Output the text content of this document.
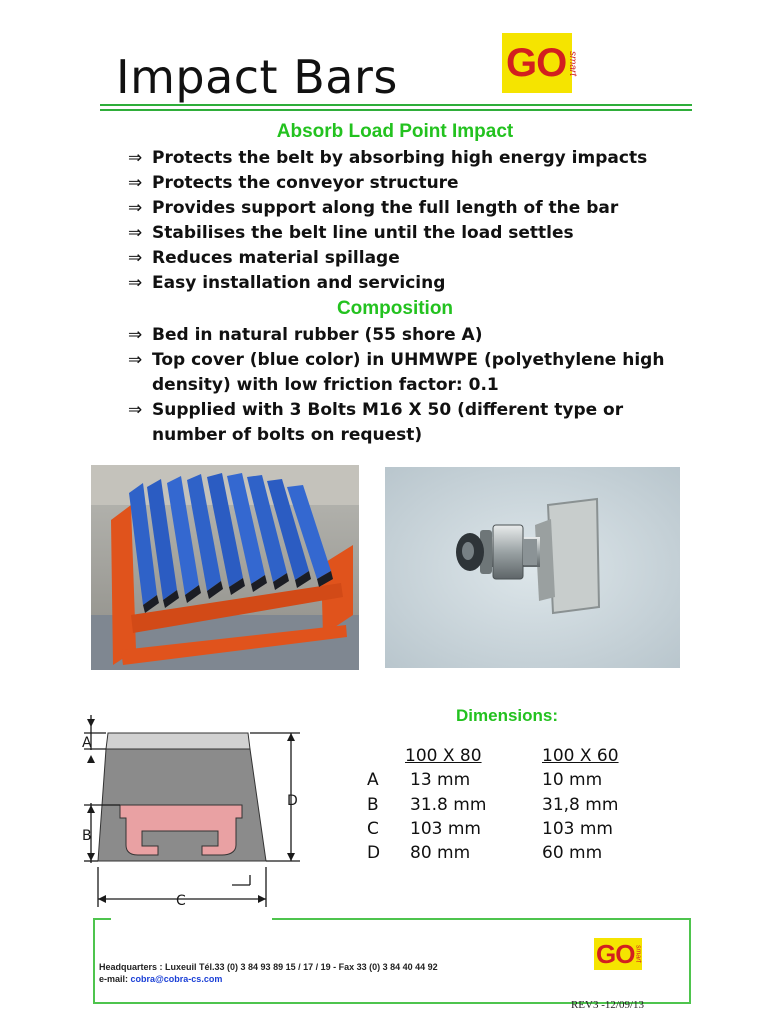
Impact Bars	GO smart
Absorb Load Point Impact
⇒ Protects the belt by absorbing high energy impacts
⇒ Protects the conveyor structure
⇒ Provides support along the full length of the bar
⇒ Stabilises the belt line until the load settles
⇒ Reduces material spillage
⇒ Easy installation and servicing
Composition
⇒ Bed in natural rubber (55 shore A)
⇒ Top cover (blue color) in UHMWPE (polyethylene high
density) with low friction factor: 0.1
⇒ Supplied with 3 Bolts M16 X 50 (different type or
number of bolts on request)
A
B
C
D
Dimensions:
100 X 80	100 X 60
A 13 mm	10 mm
B 31.8 mm	31,8 mm
C 103 mm	103 mm
D 80 mm	60 mm
Headquarters : Luxeuil Tél.33 (0) 3 84 93 89 15 / 17 / 19 - Fax 33 (0) 3 84 40 44 92
e-mail: cobra@cobra-cs.com
GO smart
REV3 -12/09/13
